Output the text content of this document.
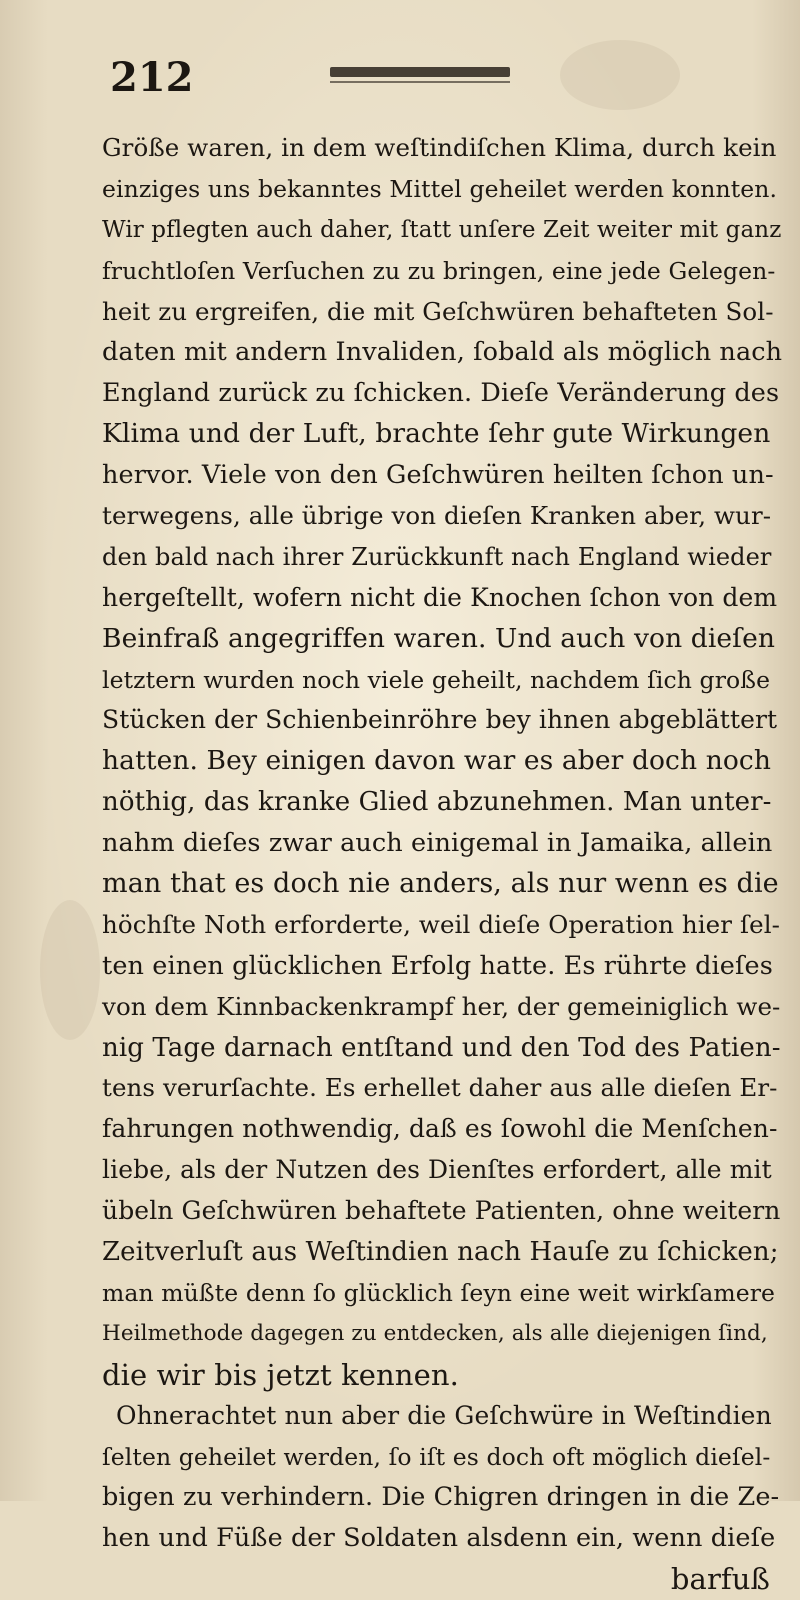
212
Größe waren, in dem weſtindiſchen Klima, durch kein
einziges uns bekanntes Mittel geheilet werden konnten.
Wir pflegten auch daher, ſtatt unſere Zeit weiter mit ganz
fruchtloſen Verſuchen zu zu bringen, eine jede Gelegen-
heit zu ergreifen, die mit Geſchwüren behafteten Sol-
daten mit andern Invaliden, ſobald als möglich nach
England zurück zu ſchicken. Dieſe Veränderung des
Klima und der Luft, brachte ſehr gute Wirkungen
hervor. Viele von den Geſchwüren heilten ſchon un-
terwegens, alle übrige von dieſen Kranken aber, wur-
den bald nach ihrer Zurückkunft nach England wieder
hergeſtellt, wofern nicht die Knochen ſchon von dem
Beinfraß angegriffen waren. Und auch von dieſen
letztern wurden noch viele geheilt, nachdem ſich große
Stücken der Schienbeinröhre bey ihnen abgeblättert
hatten. Bey einigen davon war es aber doch noch
nöthig, das kranke Glied abzunehmen. Man unter-
nahm dieſes zwar auch einigemal in Jamaika, allein
man that es doch nie anders, als nur wenn es die
höchſte Noth erforderte, weil dieſe Operation hier ſel-
ten einen glücklichen Erfolg hatte. Es rührte dieſes
von dem Kinnbackenkrampf her, der gemeiniglich we-
nig Tage darnach entſtand und den Tod des Patien-
tens verurſachte. Es erhellet daher aus alle dieſen Er-
fahrungen nothwendig, daß es ſowohl die Menſchen-
liebe, als der Nutzen des Dienſtes erfordert, alle mit
übeln Geſchwüren behaftete Patienten, ohne weitern
Zeitverluſt aus Weſtindien nach Hauſe zu ſchicken;
man müßte denn ſo glücklich ſeyn eine weit wirkſamere
Heilmethode dagegen zu entdecken, als alle diejenigen ſind,
die wir bis jetzt kennen.
Ohnerachtet nun aber die Geſchwüre in Weſtindien
ſelten geheilet werden, ſo iſt es doch oft möglich dieſel-
bigen zu verhindern. Die Chigren dringen in die Ze-
hen und Füße der Soldaten alsdenn ein, wenn dieſe
barfuß
